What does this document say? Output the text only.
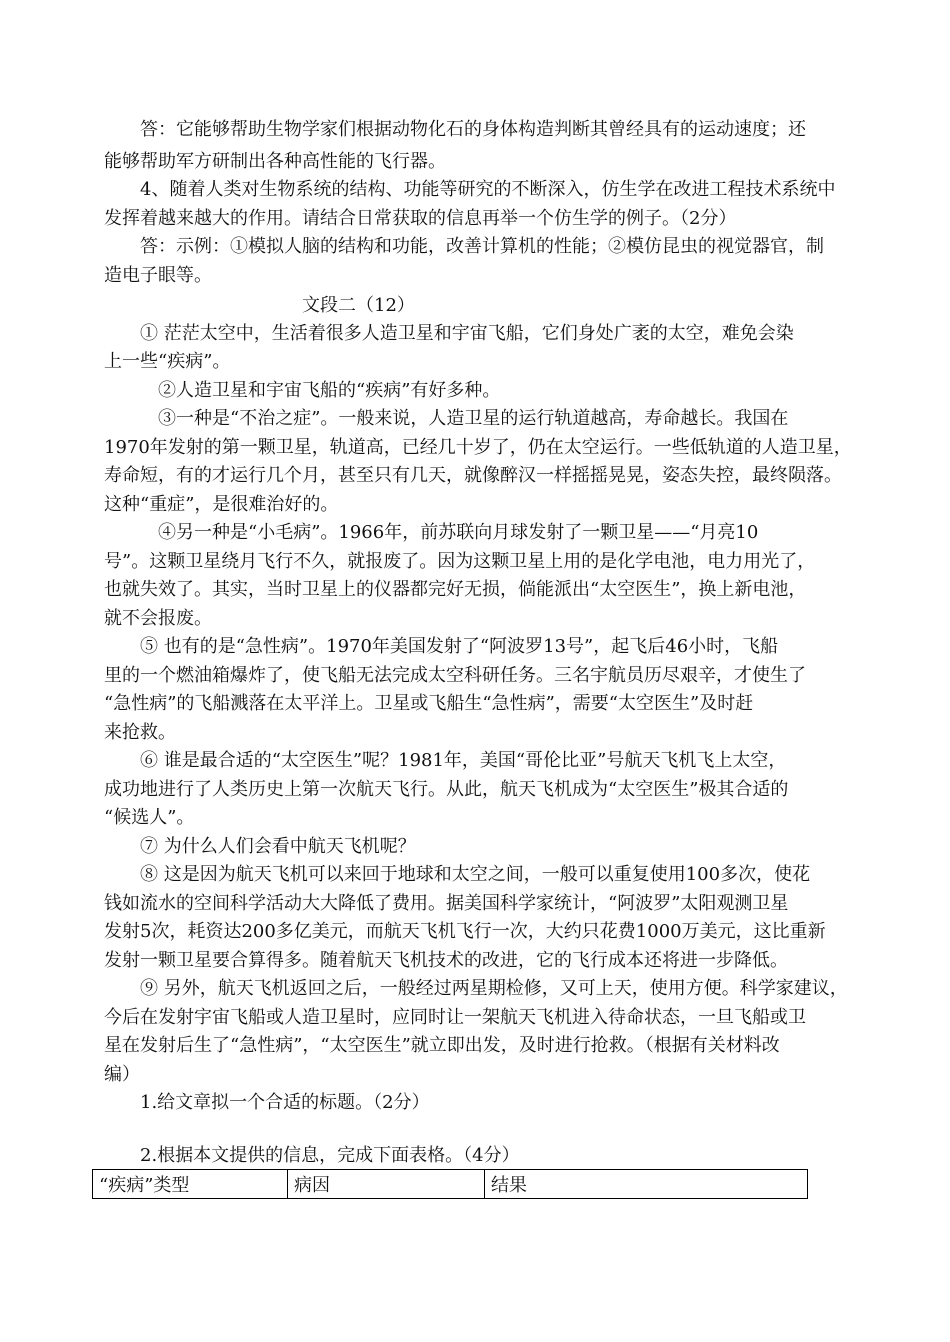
　　答：它能够帮助生物学家们根据动物化石的身体构造判断其曾经具有的运动速度；还
能够帮助军方研制出各种高性能的飞行器。
　　4、随着人类对生物系统的结构、功能等研究的不断深入，仿生学在改进工程技术系统中
发挥着越来越大的作用。请结合日常获取的信息再举一个仿生学的例子。（2分）
　　答：示例：①模拟人脑的结构和功能，改善计算机的性能；②模仿昆虫的视觉器官，制
造电子眼等。
　　　　　　　　　　　文段二（12）
　　① 茫茫太空中，生活着很多人造卫星和宇宙飞船，它们身处广袤的太空，难免会染
上一些“疾病”。
　　　②人造卫星和宇宙飞船的“疾病”有好多种。
　　　③一种是“不治之症”。一般来说，人造卫星的运行轨道越高，寿命越长。我国在
1970年发射的第一颗卫星，轨道高，已经几十岁了，仍在太空运行。一些低轨道的人造卫星，
寿命短，有的才运行几个月，甚至只有几天，就像醉汉一样摇摇晃晃，姿态失控，最终陨落。
这种“重症”，是很难治好的。
　　　④另一种是“小毛病”。1966年，前苏联向月球发射了一颗卫星——“月亮10
号”。这颗卫星绕月飞行不久，就报废了。因为这颗卫星上用的是化学电池，电力用光了，
也就失效了。其实，当时卫星上的仪器都完好无损，倘能派出“太空医生”，换上新电池，
就不会报废。
　　⑤ 也有的是“急性病”。1970年美国发射了“阿波罗13号”，起飞后46小时，飞船
里的一个燃油箱爆炸了，使飞船无法完成太空科研任务。三名宇航员历尽艰辛，才使生了
“急性病”的飞船溅落在太平洋上。卫星或飞船生“急性病”，需要“太空医生”及时赶
来抢救。
　　⑥ 谁是最合适的“太空医生”呢？1981年，美国“哥伦比亚”号航天飞机飞上太空，
成功地进行了人类历史上第一次航天飞行。从此，航天飞机成为“太空医生”极其合适的
“候选人”。
　　⑦ 为什么人们会看中航天飞机呢？
　　⑧ 这是因为航天飞机可以来回于地球和太空之间，一般可以重复使用100多次，使花
钱如流水的空间科学活动大大降低了费用。据美国科学家统计，“阿波罗”太阳观测卫星
发射5次，耗资达200多亿美元，而航天飞机飞行一次，大约只花费1000万美元，这比重新
发射一颗卫星要合算得多。随着航天飞机技术的改进，它的飞行成本还将进一步降低。
　　⑨ 另外，航天飞机返回之后，一般经过两星期检修，又可上天，使用方便。科学家建议，
今后在发射宇宙飞船或人造卫星时，应同时让一架航天飞机进入待命状态，一旦飞船或卫
星在发射后生了“急性病”，“太空医生”就立即出发，及时进行抢救。（根据有关材料改
编）
　　1.给文章拟一个合适的标题。（2分）
　　2.根据本文提供的信息，完成下面表格。（4分）
“疾病”类型	病因	结果
